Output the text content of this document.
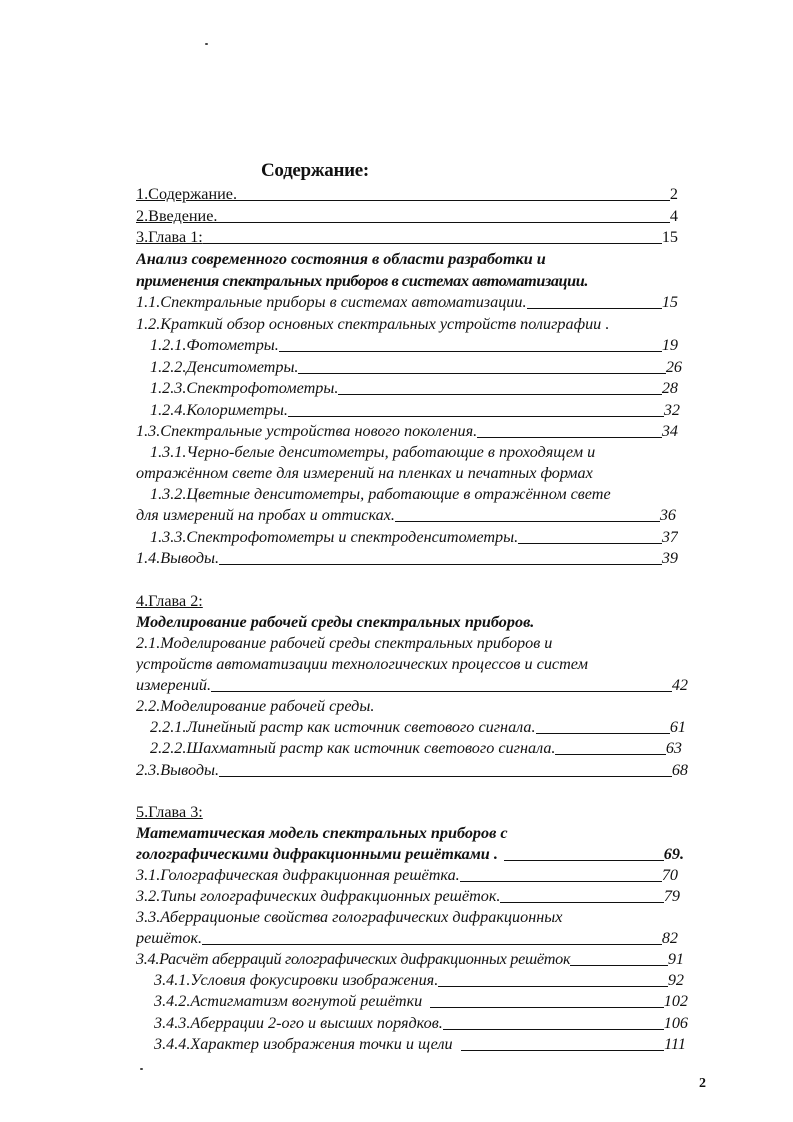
Содержание:
1.Содержание.	2
2.Введение.	4
3.Глава 1:	15
Анализ современного состояния в области разработки и
применения спектральных приборов в системах автоматизации.
1.1.Спектральные приборы в системах автоматизации.	15
1.2.Краткий обзор основных спектральных устройств полиграфии .
1.2.1.Фотометры.	19
1.2.2.Денситометры.	26
1.2.3.Спектрофотометры.	28
1.2.4.Колориметры.	32
1.3.Спектральные устройства нового поколения.	34
1.3.1.Черно-белые денситометры, работающие в проходящем и
отражённом свете для измерений на пленках и печатных формах
1.3.2.Цветные денситометры, работающие в отражённом свете
для измерений на пробах и оттисках.	36
1.3.3.Спектрофотометры и спектроденситометры.	37
1.4.Выводы.	39
4.Глава 2:
Моделирование рабочей среды спектральных приборов.
2.1.Моделирование рабочей среды спектральных приборов и
устройств автоматизации технологических процессов и систем
измерений.	42
2.2.Моделирование рабочей среды.
2.2.1.Линейный растр как источник светового сигнала.	61
2.2.2.Шахматный растр как источник светового сигнала.	63
2.3.Выводы.	68
5.Глава 3:
Математическая модель спектральных приборов с
голографическими дифракционными решётками .	69.
3.1.Голографическая дифракционная решётка.	70
3.2.Типы голографических дифракционных решёток.	79
3.3.Аберрационые свойства голографических дифракционных
решёток.	82
3.4.Расчёт аберраций голографических дифракционных решёток	91
3.4.1.Условия фокусировки изображения.	92
3.4.2.Астигматизм вогнутой решётки	102
3.4.3.Аберрации 2-ого и высших порядков.	106
3.4.4.Характер изображения точки и щели	111
2
